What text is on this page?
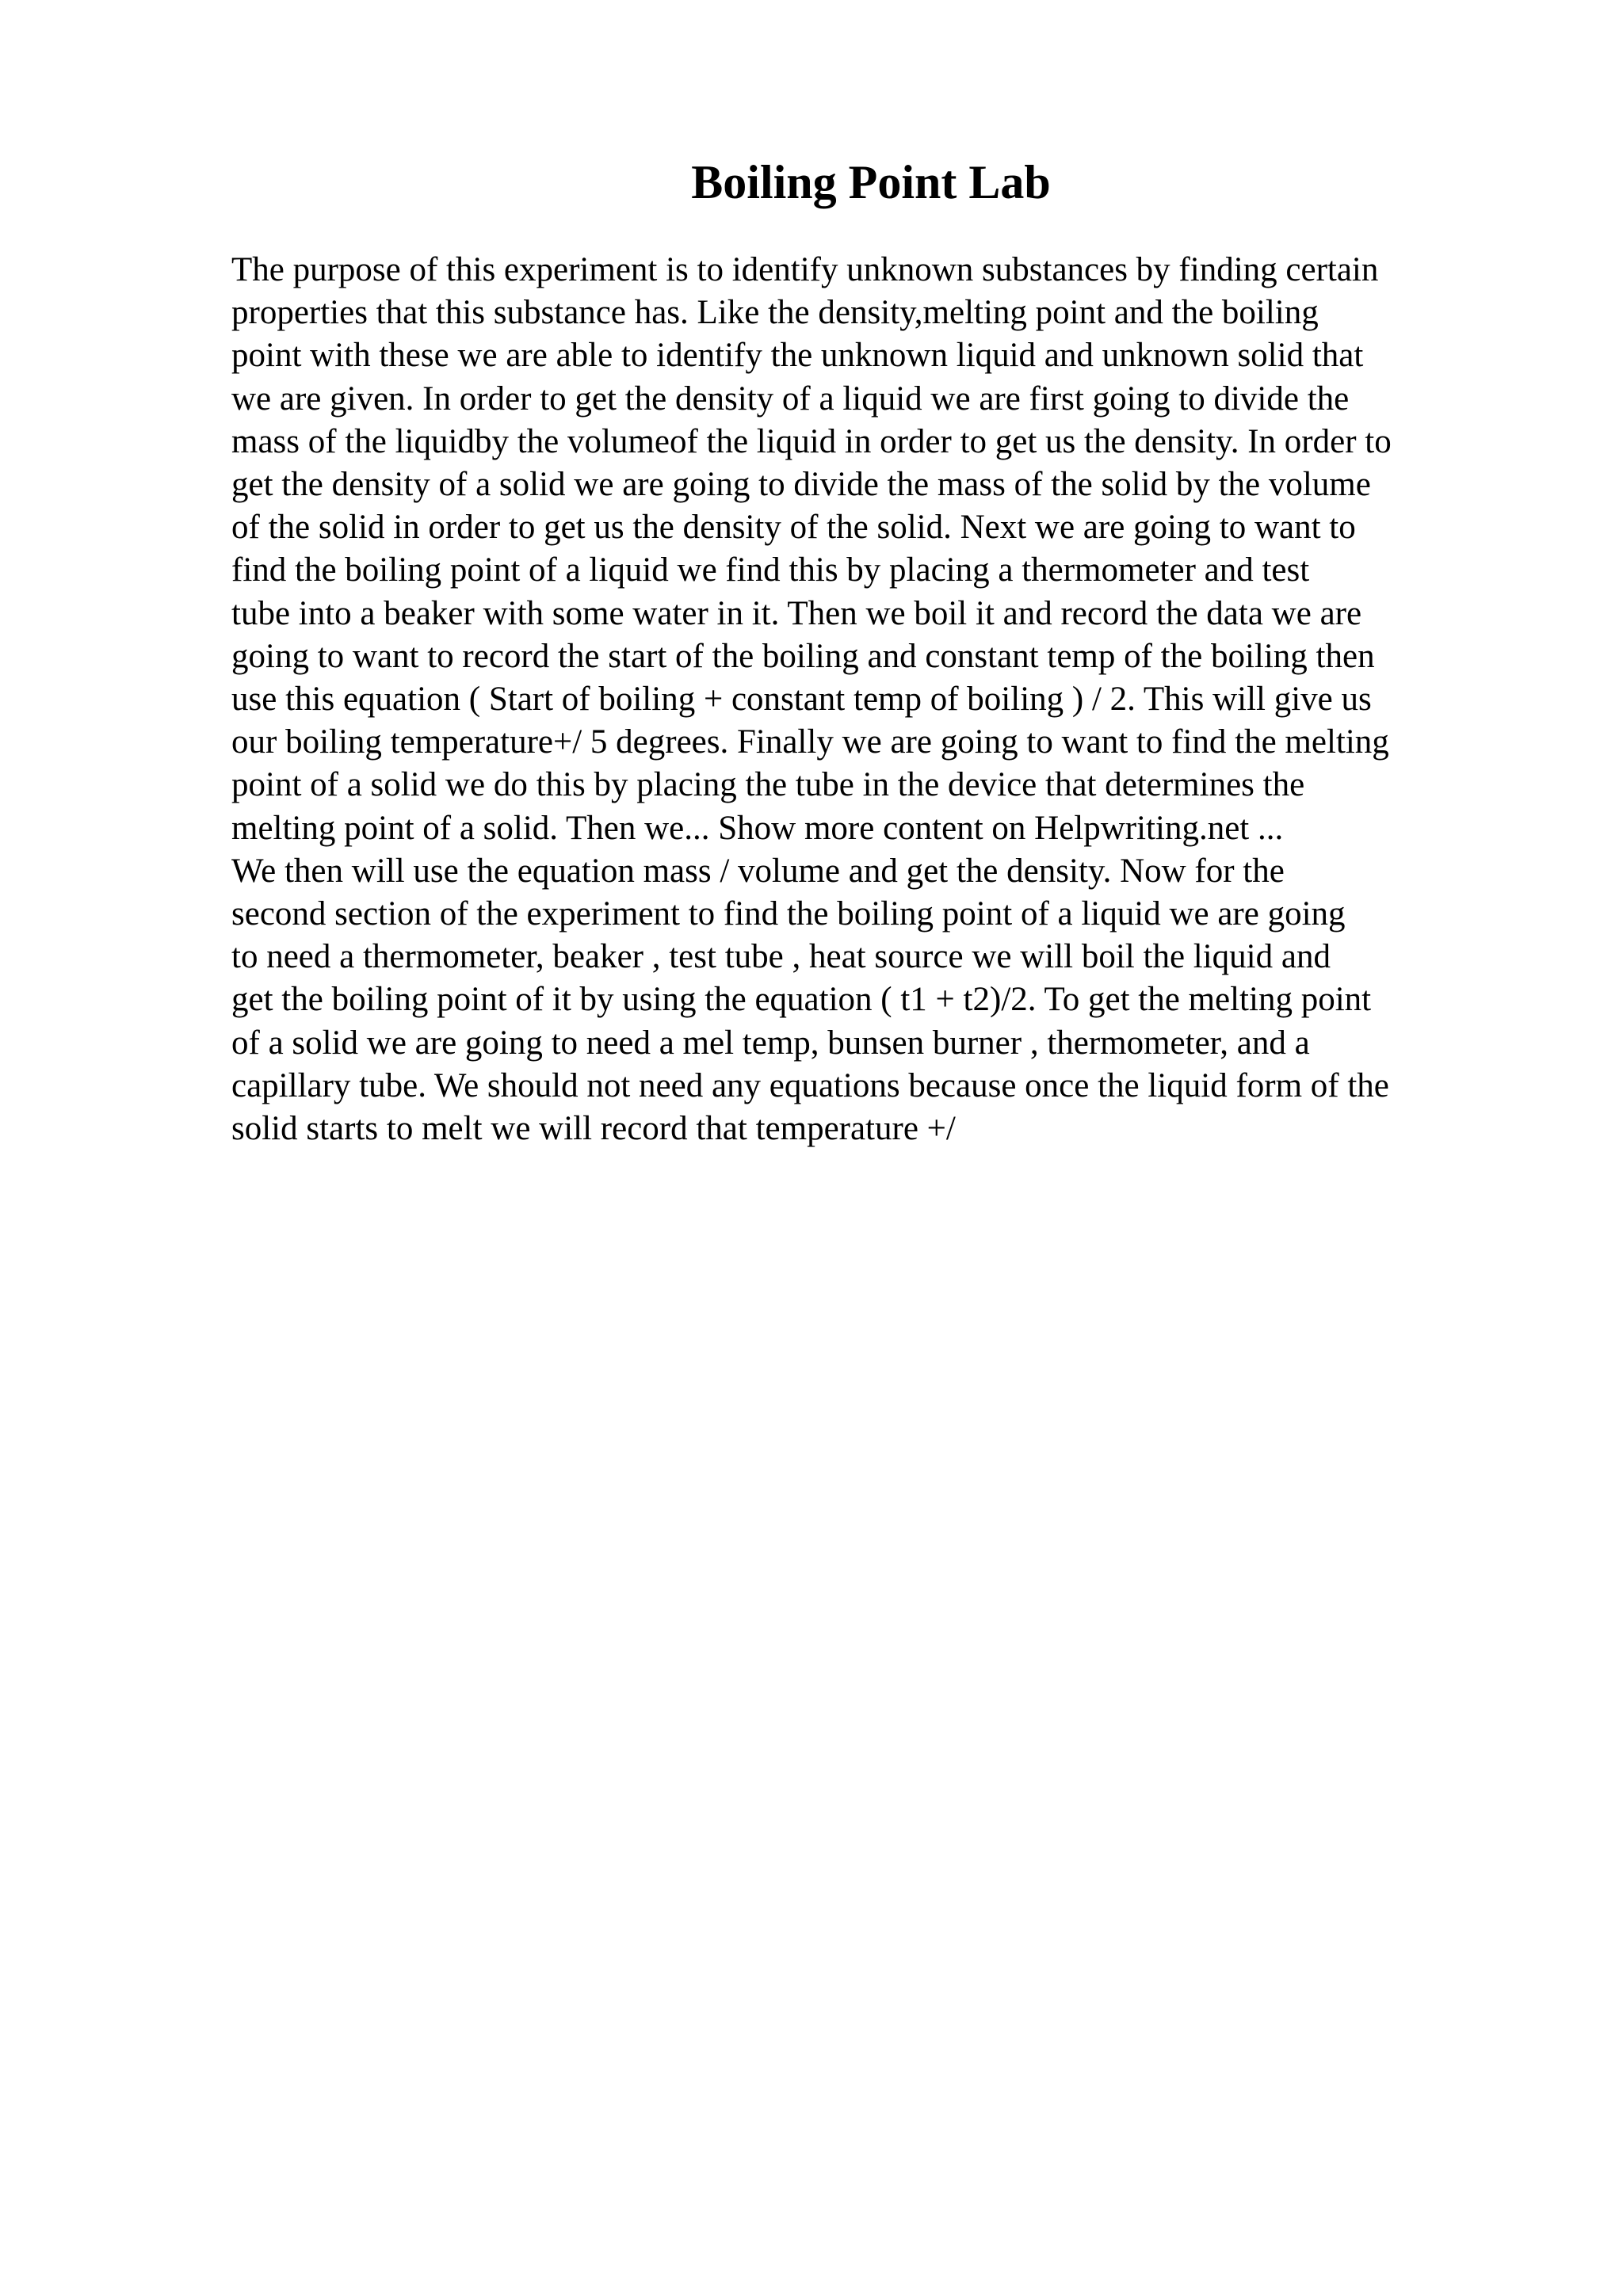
Boiling Point Lab
The purpose of this experiment is to identify unknown substances by finding certain
properties that this substance has. Like the density,melting point and the boiling
point with these we are able to identify the unknown liquid and unknown solid that
we are given. In order to get the density of a liquid we are first going to divide the
mass of the liquidby the volumeof the liquid in order to get us the density. In order to
get the density of a solid we are going to divide the mass of the solid by the volume
of the solid in order to get us the density of the solid. Next we are going to want to
find the boiling point of a liquid we find this by placing a thermometer and test
tube into a beaker with some water in it. Then we boil it and record the data we are
going to want to record the start of the boiling and constant temp of the boiling then
use this equation ( Start of boiling + constant temp of boiling ) / 2. This will give us
our boiling temperature+/ 5 degrees. Finally we are going to want to find the melting
point of a solid we do this by placing the tube in the device that determines the
melting point of a solid. Then we... Show more content on Helpwriting.net ...
We then will use the equation mass / volume and get the density. Now for the
second section of the experiment to find the boiling point of a liquid we are going
to need a thermometer, beaker , test tube , heat source we will boil the liquid and
get the boiling point of it by using the equation ( t1 + t2)/2. To get the melting point
of a solid we are going to need a mel temp, bunsen burner , thermometer, and a
capillary tube. We should not need any equations because once the liquid form of the
solid starts to melt we will record that temperature +/
